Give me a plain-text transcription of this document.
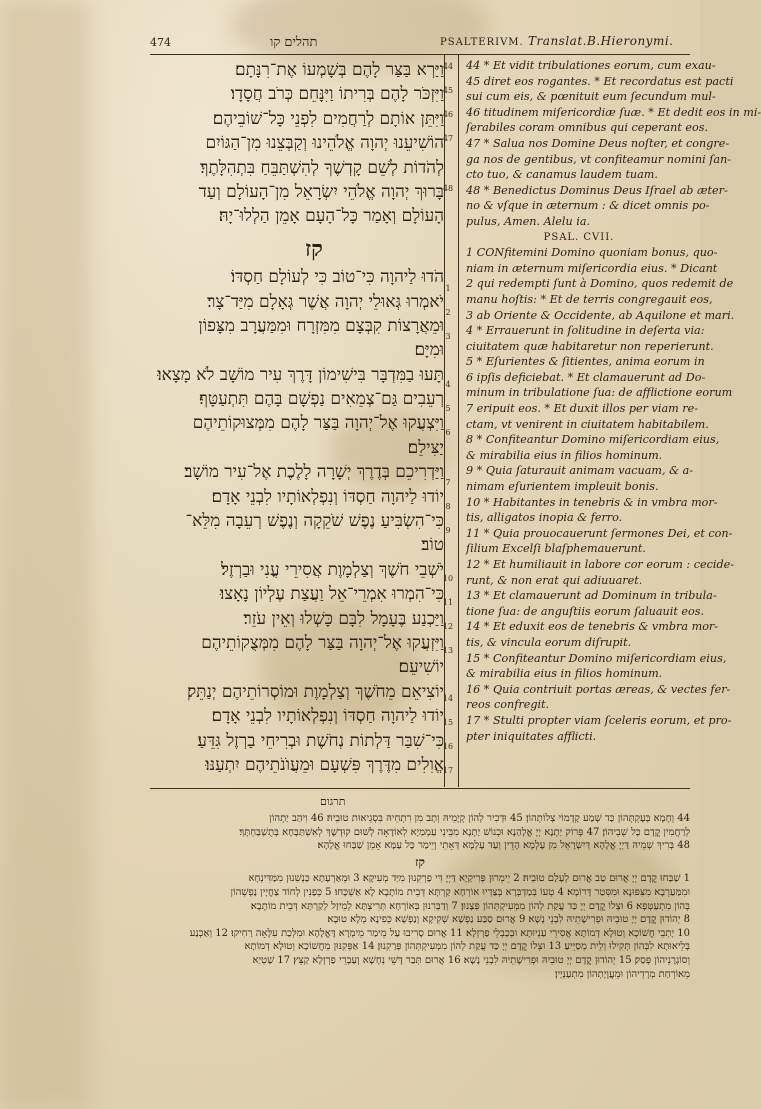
474	תהלים קו	PSALTERIVM. Translat.B.Hieronymi.
וַיַּרְא בַּצַּר לָהֶם בְּשָׁמְעוֹ אֶת־רִנָּתָם׃
וַיִּזְכֹּר לָהֶם בְּרִיתוֹ וַיִּנָּחֵם כְּרֹב חֲסָדָו׃
וַיִּתֵּן אוֹתָם לְרַחֲמִים לִפְנֵי כָּל־שׁוֹבֵיהֶם׃
הוֹשִׁיעֵנוּ יְהוָה אֱלֹהֵינוּ וְקַבְּצֵנוּ מִן־הַגּוֹיִם
לְהֹדוֹת לְשֵׁם קָדְשֶׁךָ לְהִשְׁתַּבֵּחַ בִּתְהִלָּתֶךָ׃
בָּרוּךְ יְהוָה אֱלֹהֵי יִשְׂרָאֵל מִן־הָעוֹלָם וְעַד
הָעוֹלָם וְאָמַר כָּל־הָעָם אָמֵן הַלְלוּ־יָהּ׃
קז
הֹדוּ לַיהוָה כִּי־טוֹב כִּי לְעוֹלָם חַסְדּוֹ׃
יֹאמְרוּ גְּאוּלֵי יְהוָה אֲשֶׁר גְּאָלָם מִיַּד־צָר׃
וּמֵאֲרָצוֹת קִבְּצָם מִמִּזְרָח וּמִמַּעֲרָב מִצָּפוֹן
וּמִיָּם׃
תָּעוּ בַמִּדְבָּר בִּישִׁימוֹן דָּרֶךְ עִיר מוֹשָׁב לֹא מָצָאוּ׃
רְעֵבִים גַּם־צְמֵאִים נַפְשָׁם בָּהֶם תִּתְעַטָּף׃
וַיִּצְעֲקוּ אֶל־יְהוָה בַּצַּר לָהֶם מִמְּצוּקוֹתֵיהֶם
יַצִּילֵם׃
וַיַּדְרִיכֵם בְּדֶרֶךְ יְשָׁרָה לָלֶכֶת אֶל־עִיר מוֹשָׁב׃
יוֹדוּ לַיהוָה חַסְדּוֹ וְנִפְלְאוֹתָיו לִבְנֵי אָדָם׃
כִּי־הִשְׂבִּיעַ נֶפֶשׁ שֹׁקֵקָה וְנֶפֶשׁ רְעֵבָה מִלֵּא־
טוֹב׃
יֹשְׁבֵי חֹשֶׁךְ וְצַלְמָוֶת אֲסִירֵי עֳנִי וּבַרְזֶל׃
כִּי־הִמְרוּ אִמְרֵי־אֵל וַעֲצַת עֶלְיוֹן נָאָצוּ׃
וַיַּכְנַע בֶּעָמָל לִבָּם כָּשְׁלוּ וְאֵין עֹזֵר׃
וַיִּזְעֲקוּ אֶל־יְהוָה בַּצַּר לָהֶם מִמְּצֻקוֹתֵיהֶם
יוֹשִׁיעֵם׃
יוֹצִיאֵם מֵחֹשֶׁךְ וְצַלְמָוֶת וּמוֹסְרוֹתֵיהֶם יְנַתֵּק׃
יוֹדוּ לַיהוָה חַסְדּוֹ וְנִפְלְאוֹתָיו לִבְנֵי אָדָם׃
כִּי־שִׁבַּר דַּלְתוֹת נְחֹשֶׁת וּבְרִיחֵי בַרְזֶל גִּדֵּעַ׃
אֱוִלִים מִדֶּרֶךְ פִּשְׁעָם וּמֵעֲוֺנֹתֵיהֶם יִתְעַנּוּ׃
44
45
46
47
48
1
2
3
4
5
6
7
8
9
10
11
12
13
14
15
16
17
44 * Et vidit tribulationes eorum, cum exau-
45 diret eos rogantes. * Et recordatus est pacti
sui cum eis, & pœnituit eum ſecundum mul-
46 titudinem miſericordiæ ſuæ. * Et dedit eos in mi-
ſerabiles coram omnibus qui ceperant eos.
47 * Salua nos Domine Deus noſter, et congre-
ga nos de gentibus, vt confiteamur nomini ſan-
cto tuo, & canamus laudem tuam.
48 * Benedictus Dominus Deus Iſrael ab æter-
no & vſque in æternum : & dicet omnis po-
pulus, Amen. Alelu ia.
PSAL. CVII.
1 CONfitemini Domino quoniam bonus, quo-
niam in æternum miſericordia eius. * Dicant
2 qui redempti ſunt à Domino, quos redemit de
manu hoſtis: * Et de terris congregauit eos,
3 ab Oriente & Occidente, ab Aquilone et mari.
4 * Errauerunt in ſolitudine in deſerta via:
ciuitatem quæ habitaretur non reperierunt.
5 * Eſurientes & ſitientes, anima eorum in
6 ipſis deficiebat. * Et clamauerunt ad Do-
minum in tribulatione ſua: de afflictione eorum
7 eripuit eos. * Et duxit illos per viam re-
ctam, vt venirent in ciuitatem habitabilem.
8 * Confiteantur Domino miſericordiam eius,
& mirabilia eius in filios hominum.
9 * Quia ſaturauit animam vacuam, & a-
nimam eſurientem impleuit bonis.
10 * Habitantes in tenebris & in vmbra mor-
tis, alligatos inopia & ferro.
11 * Quia prouocauerunt ſermones Dei, et con-
ſilium Excelſi blaſphemauerunt.
12 * Et humiliauit in labore cor eorum : cecide-
runt, & non erat qui adiuuaret.
13 * Et clamauerunt ad Dominum in tribula-
tione ſua: de anguſtiis eorum ſaluauit eos.
14 * Et eduxit eos de tenebris & vmbra mor-
tis, & vincula eorum diſrupit.
15 * Confiteantur Domino miſericordiam eius,
& mirabilia eius in filios hominum.
16 * Quia contriuit portas æreas, & vectes fer-
reos confregit.
17 * Stulti propter viam ſceleris eorum, et pro-
pter iniquitates afflicti.
תרגום
44 וְחָמָא בְּעָקְתְּהוֹן כַּד שְׁמַע קָדָמוֹי צְלוֹתְהוֹן׃ 45 וּדְכִיר לְהוֹן קְיָמֵיהּ וְתָב מִן רִתְחֵיהּ בִּסְגֵיאוּת טוּבֵיהּ׃ 46 וִיהַב יַתְהוֹן
לְרַחֲמִין קֳדָם כָּל שְׁבֵיהוֹן׃ 47 פְּרוֹק יַתָנָא יְיָ אֱלָהַנָא וּכְנוֹשׁ יַתָנָא מִבֵּינֵי עַמְמַיָא לְאוֹדָאָה לְשׁוּם קוּדְשָׁךְ לְאִשְׁתַּבָּחָא בְּתֻשְׁבַּחְתָּךְ׃
48 בְּרִיךְ שְׁמֵיהּ דַּיְיָ אֱלָהָא דְּיִשְׂרָאֵל מִן עָלְמָא הָדֵין וְעַד עָלְמָא דְּאָתֵי וְיֵימַר כָּל עַמָּא אָמֵן שַׁבַּחוּ אֱלָהָא׃
קז
1 שַׁבַּחוּ קֳדָם יְיָ אֲרוּם טַב אֲרוּם לְעָלַם טוּבֵיהּ׃ 2 יֵימְרוּן פְּרִיקַיָא דַּיְיָ דִּי פַרְקִנוּן מִיַּד מְעִיקָא׃ 3 וּמֵאַרְעָתָא כַּנְשִׁנוּן מִמַּדִּינְחָא
וּמִמַּעַרְבָא מִצִּפּוּנָא וּמִסִּטַר דָּרוֹמָא׃ 4 טְעוֹ בְּמַדְבְּרָא בְּצַדְיוּ אוֹרְחָא קַרְתָּא דְּבֵית מוֹתָבָא לָא אַשְׁכָּחוּ׃ 5 כְּפַנִין לְחוֹד צַחֲיָין נַפְשְׁהוֹן
בְּהוֹן מִתְעַטְּפָא׃ 6 וּצְלוֹ קֳדָם יְיָ כַּד עֲקַת לְהוֹן מִמְּעִיקְתְּהוֹן פְּצָנוּן׃ 7 וְדַבְּרִנוּן בְּאוֹרְחָא תְּרִיצְתָּא לְמֵיזַל לְקַרְתָּא דְּבֵית מוֹתָבָא׃
8 יְהוֹדוּן קֳדָם יְיָ טוּבֵיהּ וּפְרִישָׁתֵיהּ לִבְנֵי נָשָׁא׃ 9 אֲרוּם סַבַּע נַפְשָׁא שְׁקִיקָא וְנַפְשָׁא כְּפִינָא מְלָא טוּבָא׃
10 יָתְבֵי חֲשׁוֹכָא וְטוּלָא דְמוֹתָא אֲסִירֵי עַנְיוּתָא וּבְכַבְלֵי פַרְזְלָא׃ 11 אֲרוּם סָרִיבוּ עַל מֵימַר מֵימְרָא דֶּאֱלָהָא וּמִלְּכַת עִלָּאָה רַחִיקוּ׃ 12 וְאַכְנַע
בְּלֵיאוּתָא לִבְּהוֹן תְּקִילוּ וְלֵית מְסַיֵּיעַ׃ 13 וּצְלוֹ קֳדָם יְיָ כַּד עֲקַת לְהוֹן מִמְּעִיקְתְּהוֹן פְּרַקִנוּן׃ 14 אַפֵּקִנּוּן מֵחֲשׁוֹכָא וְטוּלָא דְמוֹתָא
וְסוֹגְרָנֵיהוֹן פְּסַק׃ 15 יְהוֹדוּן קֳדָם יְיָ טוּבֵיהּ וּפְרִישָׁתֵיהּ לִבְנֵי נָשָׁא׃ 16 אֲרוּם תְּבַר דָּשֵׁי נְחָשָׁא וְעַבְרֵי פַרְזְלָא קַצֵּץ׃ 17 שַׁטְיַא
מֵאוֹרְחַת מְרָדֵיהוֹן וּמֵעֲוָיָתְהוֹן מִתְעַנְּיָין׃
